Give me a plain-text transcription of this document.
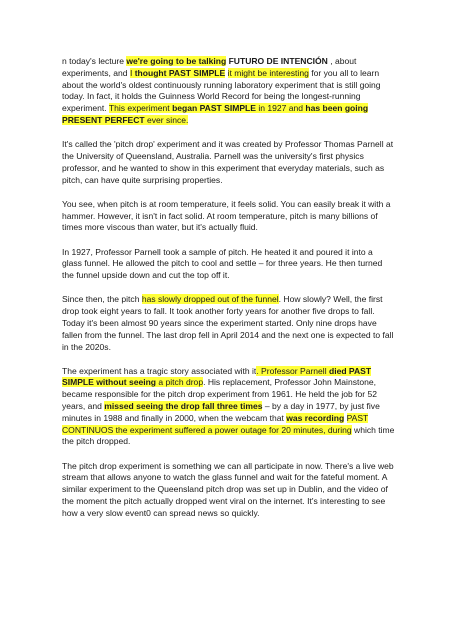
n today's lecture we're going to be talking FUTURO DE INTENCIÓN , about experiments, and I thought PAST SIMPLE it might be interesting for you all to learn about the world's oldest continuously running laboratory experiment that is still going today. In fact, it holds the Guinness World Record for being the longest-running experiment. This experiment began PAST SIMPLE in 1927 and has been going PRESENT PERFECT ever since.

It's called the 'pitch drop' experiment and it was created by Professor Thomas Parnell at the University of Queensland, Australia. Parnell was the university's first physics professor, and he wanted to show in this experiment that everyday materials, such as pitch, can have quite surprising properties.

You see, when pitch is at room temperature, it feels solid. You can easily break it with a hammer. However, it isn't in fact solid. At room temperature, pitch is many billions of times more viscous than water, but it's actually fluid.

In 1927, Professor Parnell took a sample of pitch. He heated it and poured it into a glass funnel. He allowed the pitch to cool and settle – for three years. He then turned the funnel upside down and cut the top off it.

Since then, the pitch has slowly dropped out of the funnel. How slowly? Well, the first drop took eight years to fall. It took another forty years for another five drops to fall. Today it's been almost 90 years since the experiment started. Only nine drops have fallen from the funnel. The last drop fell in April 2014 and the next one is expected to fall in the 2020s.

The experiment has a tragic story associated with it. Professor Parnell died PAST SIMPLE without seeing a pitch drop. His replacement, Professor John Mainstone, became responsible for the pitch drop experiment from 1961. He held the job for 52 years, and missed seeing the drop fall three times – by a day in 1977, by just five minutes in 1988 and finally in 2000, when the webcam that was recording PAST CONTINUOS the experiment suffered a power outage for 20 minutes, during which time the pitch dropped.

The pitch drop experiment is something we can all participate in now. There's a live web stream that allows anyone to watch the glass funnel and wait for the fateful moment. A similar experiment to the Queensland pitch drop was set up in Dublin, and the video of the moment the pitch actually dropped went viral on the internet. It's interesting to see how a very slow event0 can spread news so quickly.
